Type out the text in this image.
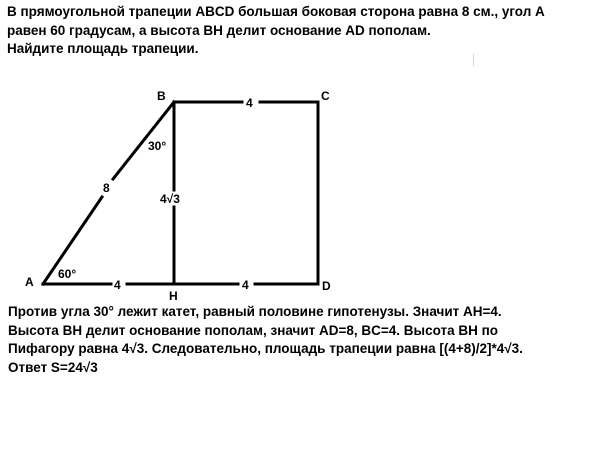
В прямоугольной трапеции ABCD большая боковая сторона равна 8 см., угол А
равен 60 градусам, а высота BH делит основание AD пополам.
Найдите площадь трапеции.
B	C
A
H
D
8
4
4	4
4√3
60°
30°
Против угла 30° лежит катет, равный половине гипотенузы. Значит АН=4.
Высота BH делит основание пополам, значит AD=8, BC=4. Высота BH по
Пифагору равна 4√3. Следовательно, площадь трапеции равна [(4+8)/2]*4√3.
Ответ S=24√3
